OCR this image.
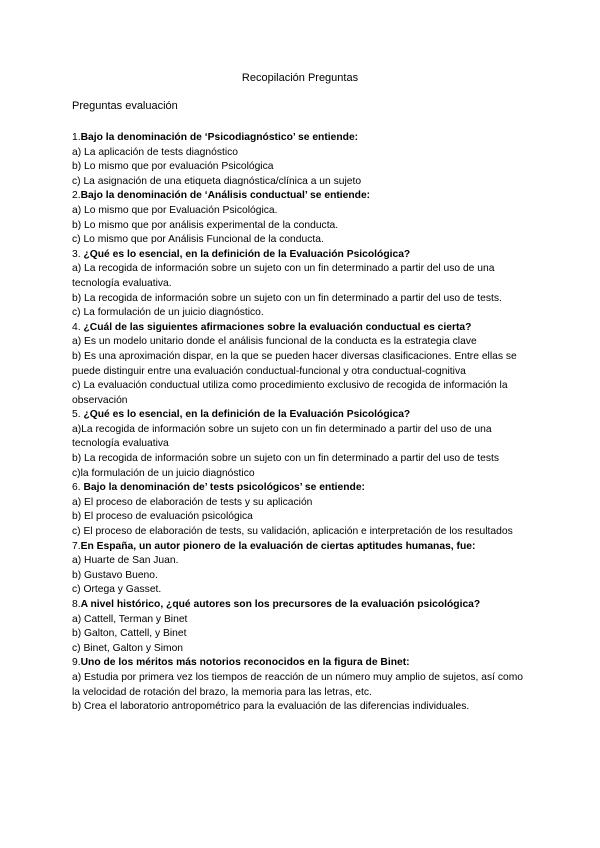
Recopilación Preguntas
Preguntas evaluación
1.Bajo la denominación de ‘Psicodiagnóstico’ se entiende:
a) La aplicación de tests diagnóstico
b) Lo mismo que por evaluación Psicológica
c) La asignación de una etiqueta diagnóstica/clínica a un sujeto
2.Bajo la denominación de ‘Análisis conductual’ se entiende:
a) Lo mismo que por Evaluación Psicológica.
b) Lo mismo que por análisis experimental de la conducta.
c) Lo mismo que por Análisis Funcional de la conducta.
3. ¿Qué es lo esencial, en la definición de la Evaluación Psicológica?
a) La recogida de información sobre un sujeto con un fin determinado a partir del uso de una tecnología evaluativa.
b) La recogida de información sobre un sujeto con un fin determinado a partir del uso de tests.
c) La formulación de un juicio diagnóstico.
4. ¿Cuál de las siguientes afirmaciones sobre la evaluación conductual es cierta?
a) Es un modelo unitario donde el análisis funcional de la conducta es la estrategia clave
b) Es una aproximación dispar, en la que se pueden hacer diversas clasificaciones. Entre ellas se puede distinguir entre una evaluación conductual-funcional y otra conductual-cognitiva
c) La evaluación conductual utiliza como procedimiento exclusivo de recogida de información la observación
5. ¿Qué es lo esencial, en la definición de la Evaluación Psicológica?
a)La recogida de información sobre un sujeto con un fin determinado a partir del uso de una tecnología evaluativa
b) La recogida de información sobre un sujeto con un fin determinado a partir del uso de tests
c)la formulación de un juicio diagnóstico
6. Bajo la denominación de’ tests psicológicos’ se entiende:
a) El proceso de elaboración de tests y su aplicación
b) El proceso de evaluación psicológica
c) El proceso de elaboración de tests, su validación, aplicación e interpretación de los resultados
7.En España, un autor pionero de la evaluación de ciertas aptitudes humanas, fue:
a) Huarte de San Juan.
b) Gustavo Bueno.
c) Ortega y Gasset.
8.A nivel histórico, ¿qué autores son los precursores de la evaluación psicológica?
a) Cattell, Terman y Binet
b) Galton, Cattell, y Binet
c) Binet, Galton y Simon
9.Uno de los méritos más notorios reconocidos en la figura de Binet:
a) Estudia por primera vez los tiempos de reacción de un número muy amplio de sujetos, así como la velocidad de rotación del brazo, la memoria para las letras, etc.
b) Crea el laboratorio antropométrico para la evaluación de las diferencias individuales.
